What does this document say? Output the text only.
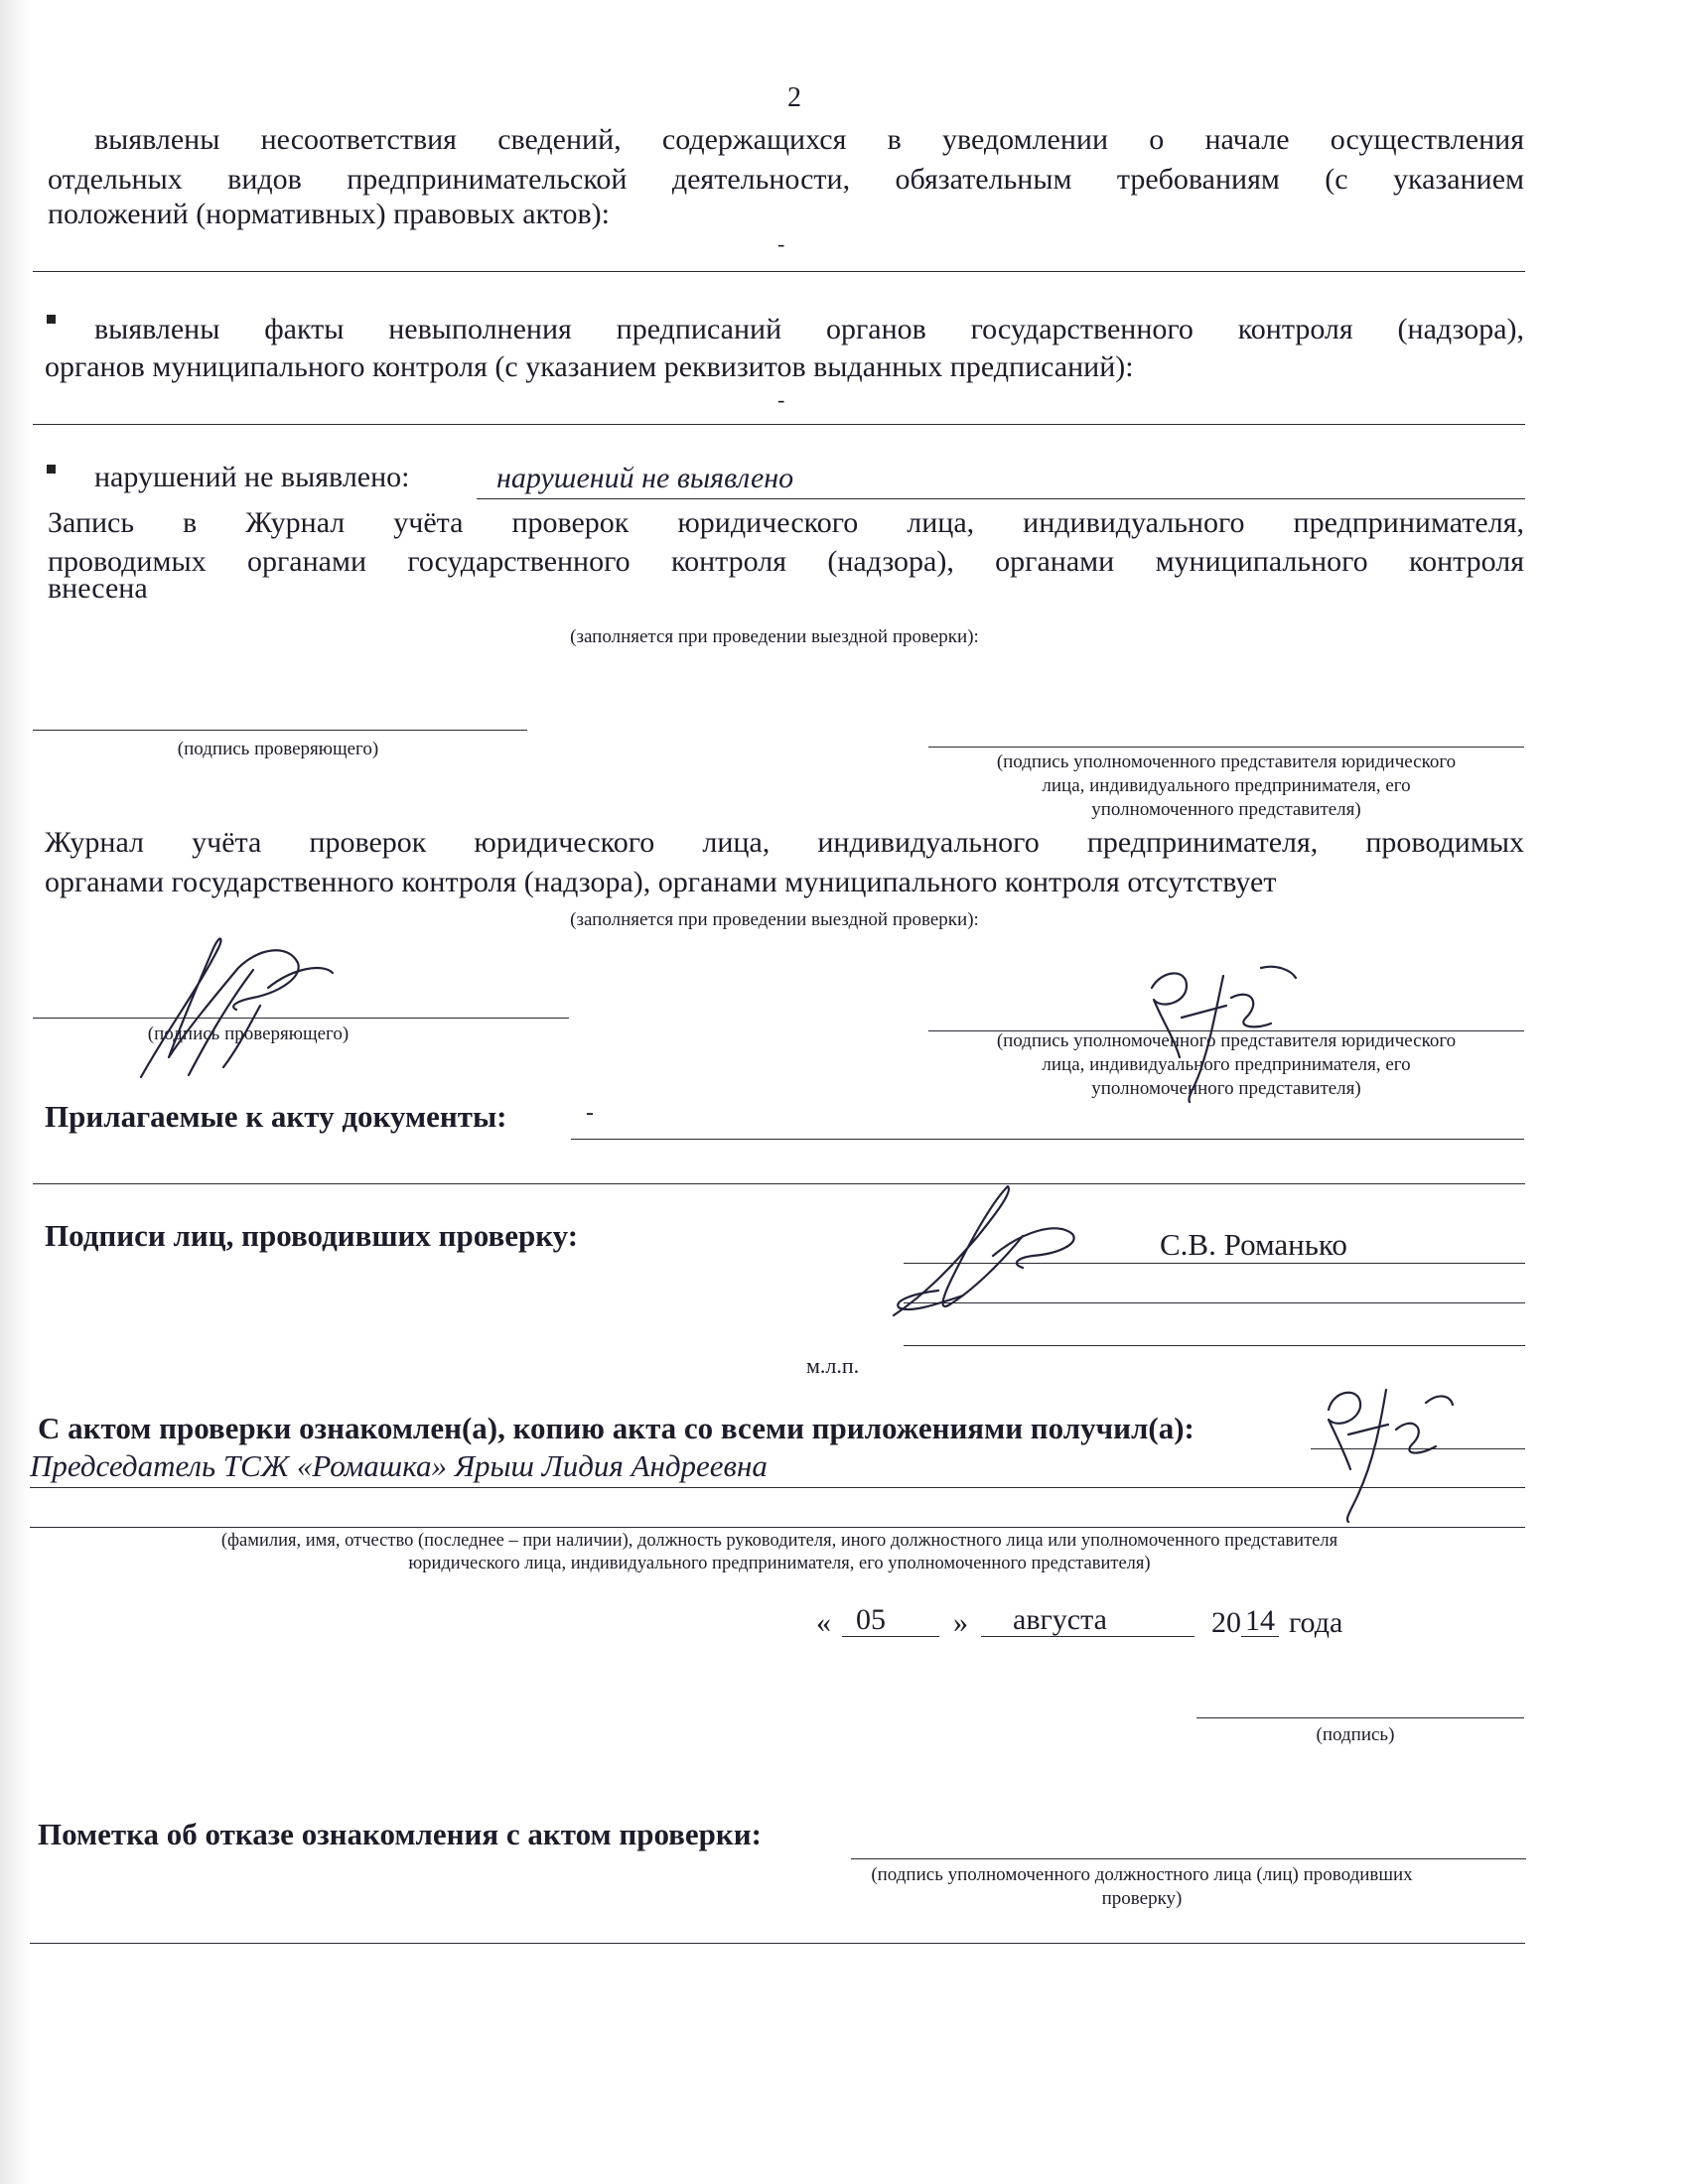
2
выявлены несоответствия сведений, содержащихся в уведомлении о начале осуществления
отдельных видов предпринимательской деятельности, обязательным требованиям (с указанием
положений (нормативных) правовых актов):
-
выявлены факты невыполнения предписаний органов государственного контроля (надзора),
органов муниципального контроля (с указанием реквизитов выданных предписаний):
-
нарушений не выявлено:	нарушений не выявлено
Запись в Журнал учёта проверок юридического лица, индивидуального предпринимателя,
проводимых органами государственного контроля (надзора), органами муниципального контроля
внесена
(заполняется при проведении выездной проверки):
(подпись проверяющего)
(подпись уполномоченного представителя юридического
лица, индивидуального предпринимателя, его
уполномоченного представителя)
Журнал учёта проверок юридического лица, индивидуального предпринимателя, проводимых
органами государственного контроля (надзора), органами муниципального контроля отсутствует
(заполняется при проведении выездной проверки):
(подпись проверяющего)	(подпись уполномоченного представителя юридического
лица, индивидуального предпринимателя, его
уполномоченного представителя)
Прилагаемые к акту документы:	-
Подписи лиц, проводивших проверку:	С.В. Романько
м.л.п.
С актом проверки ознакомлен(а), копию акта со всеми приложениями получил(а):
Председатель ТСЖ «Ромашка» Ярыш Лидия Андреевна
(фамилия, имя, отчество (последнее – при наличии), должность руководителя, иного должностного лица или уполномоченного представителя
юридического лица, индивидуального предпринимателя, его уполномоченного представителя)
« 05 » августа	20 14 года
(подпись)
Пометка об отказе ознакомления с актом проверки:
(подпись уполномоченного должностного лица (лиц) проводивших
проверку)
